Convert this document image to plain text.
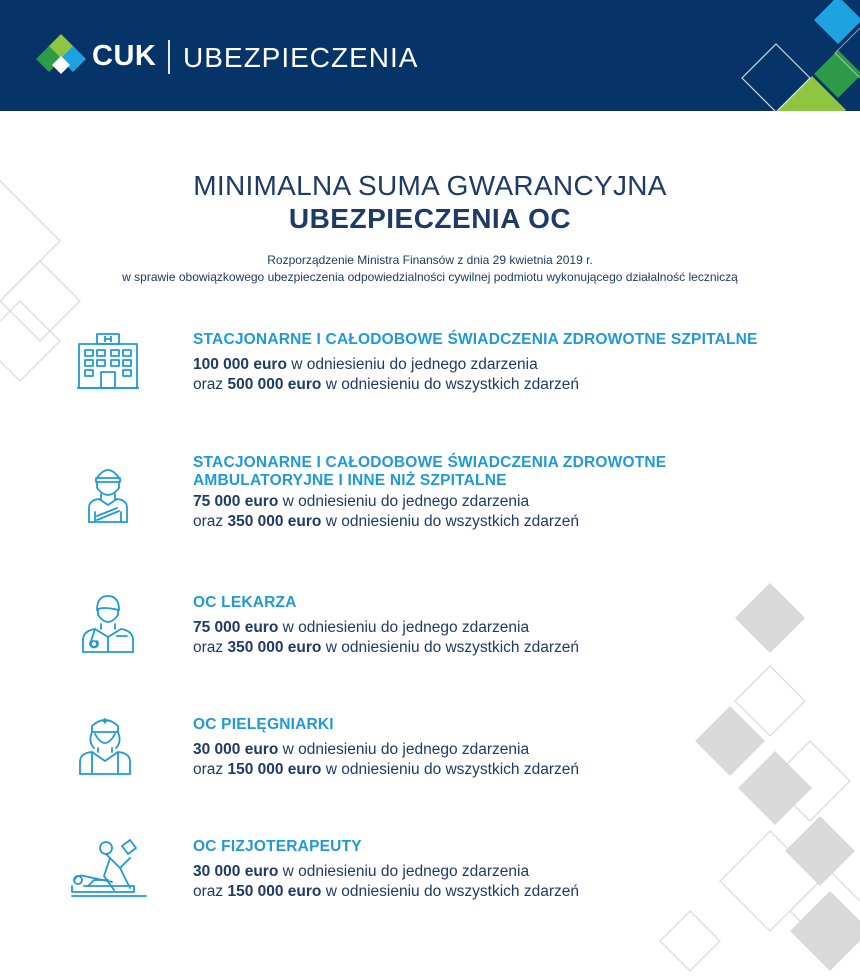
CUK UBEZPIECZENIA
MINIMALNA SUMA GWARANCYJNA
UBEZPIECZENIA OC
Rozporządzenie Ministra Finansów z dnia 29 kwietnia 2019 r.
w sprawie obowiązkowego ubezpieczenia odpowiedzialności cywilnej podmiotu wykonującego działalność leczniczą
STACJONARNE I CAŁODOBOWE ŚWIADCZENIA ZDROWOTNE SZPITALNE
100 000 euro w odniesieniu do jednego zdarzenia
oraz 500 000 euro w odniesieniu do wszystkich zdarzeń
STACJONARNE I CAŁODOBOWE ŚWIADCZENIA ZDROWOTNE
AMBULATORYJNE I INNE NIŻ SZPITALNE
75 000 euro w odniesieniu do jednego zdarzenia
oraz 350 000 euro w odniesieniu do wszystkich zdarzeń
OC LEKARZA
75 000 euro w odniesieniu do jednego zdarzenia
oraz 350 000 euro w odniesieniu do wszystkich zdarzeń
OC PIELĘGNIARKI
30 000 euro w odniesieniu do jednego zdarzenia
oraz 150 000 euro w odniesieniu do wszystkich zdarzeń
OC FIZJOTERAPEUTY
30 000 euro w odniesieniu do jednego zdarzenia
oraz 150 000 euro w odniesieniu do wszystkich zdarzeń
